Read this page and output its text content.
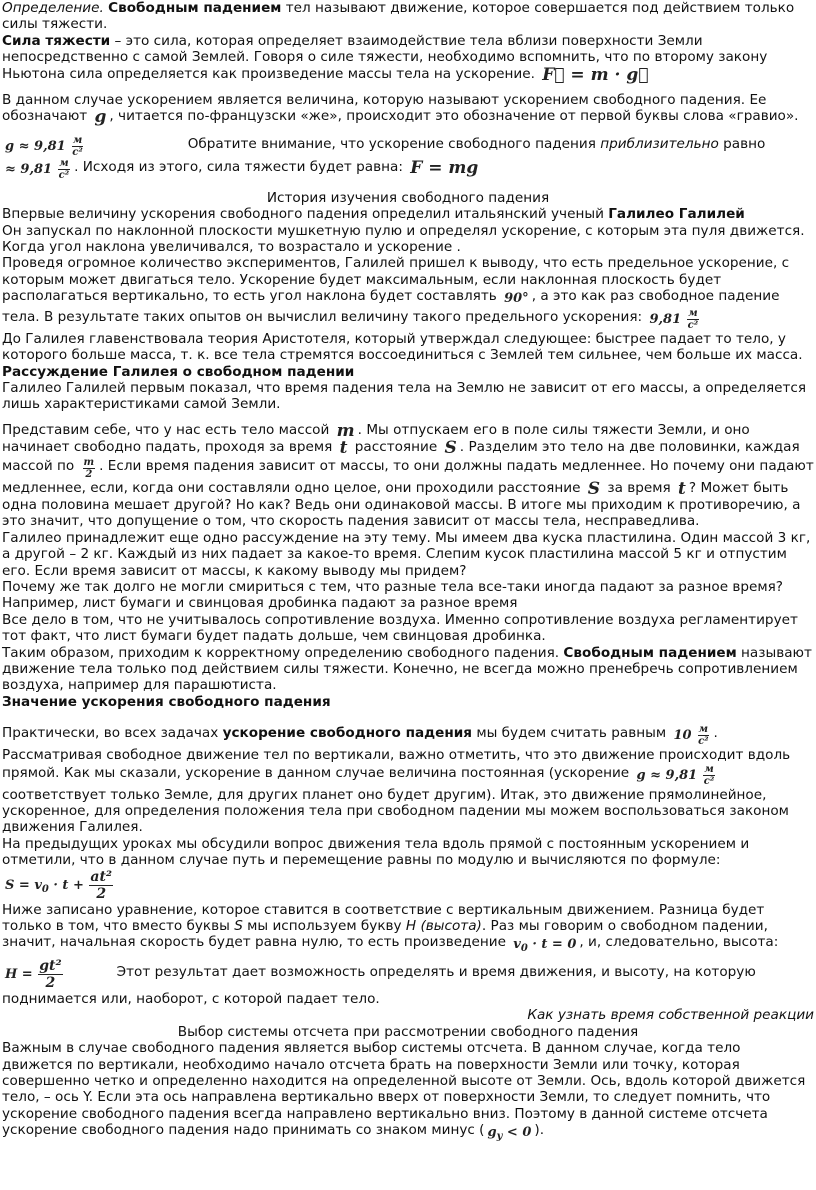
Определение. Свободным падением тел называют движение, которое совершается под действием только силы тяжести.

Сила тяжести – это сила, которая определяет взаимодействие тела вблизи поверхности Земли непосредственно с самой Землей. Говоря о силе тяжести, необходимо вспомнить, что по второму закону Ньютона сила определяется как произведение массы тела на ускорение. F⃗ = m · g⃗

В данном случае ускорением является величина, которую называют ускорением свободного падения. Ее обозначают g , читается по-французски «же», происходит это обозначение от первой буквы слова «гравио».

$g \approx 9,81 \frac{м}{\text{с²}}$	Обратите внимание, что ускорение свободного падения приблизительно равно ≈ $9,81 \frac{м}{\text{с²}}$ . Исходя из этого, сила тяжести будет равна: F = mg

История изучения свободного падения

Впервые величину ускорения свободного падения определил итальянский ученый Галилео Галилей

Он запускал по наклонной плоскости мушкетную пулю и определял ускорение, с которым эта пуля движется. Когда угол наклона увеличивался, то возрастало и ускорение .

Проведя огромное количество экспериментов, Галилей пришел к выводу, что есть предельное ускорение, с которым может двигаться тело. Ускорение будет максимальным, если наклонная плоскость будет располагаться вертикально, то есть угол наклона будет составлять 90° , а это как раз свободное падение тела. В результате таких опытов он вычислил величину такого предельного ускорения: $9,81 \frac{м}{\text{с²}}$

До Галилея главенствовала теория Аристотеля, который утверждал следующее: быстрее падает то тело, у которого больше масса, т. к. все тела стремятся воссоединиться с Землей тем сильнее, чем больше их масса.

Рассуждение Галилея о свободном падении

Галилео Галилей первым показал, что время падения тела на Землю не зависит от его массы, а определяется лишь характеристиками самой Земли.

Представим себе, что у нас есть тело массой m . Мы отпускаем его в поле силы тяжести Земли, и оно начинает свободно падать, проходя за время t расстояние S . Разделим это тело на две половинки, каждая массой по $\frac{m}{2}$ . Если время падения зависит от массы, то они должны падать медленнее. Но почему они падают медленнее, если, когда они составляли одно целое, они проходили расстояние S за время t ? Может быть одна половина мешает другой? Но как? Ведь они одинаковой массы. В итоге мы приходим к противоречию, а это значит, что допущение о том, что скорость падения зависит от массы тела, несправедлива.

Галилео принадлежит еще одно рассуждение на эту тему. Мы имеем два куска пластилина. Один массой 3 кг, а другой – 2 кг. Каждый из них падает за какое-то время. Слепим кусок пластилина массой 5 кг и отпустим его. Если время зависит от массы, к какому выводу мы придем?

Почему же так долго не могли смириться с тем, что разные тела все-таки иногда падают за разное время? Например, лист бумаги и свинцовая дробинка падают за разное время

Все дело в том, что не учитывалось сопротивление воздуха. Именно сопротивление воздуха регламентирует тот факт, что лист бумаги будет падать дольше, чем свинцовая дробинка.

Таким образом, приходим к корректному определению свободного падения. Свободным падением называют движение тела только под действием силы тяжести. Конечно, не всегда можно пренебречь сопротивлением воздуха, например для парашютиста.

Значение ускорения свободного падения

Практически, во всех задачах ускорение свободного падения мы будем считать равным $10 \frac{м}{\text{с²}}$ .

Рассматривая свободное движение тел по вертикали, важно отметить, что это движение происходит вдоль прямой. Как мы сказали, ускорение в данном случае величина постоянная (ускорение $g \approx 9,81 \frac{м}{\text{с²}}$
соответствует только Земле, для других планет оно будет другим). Итак, это движение прямолинейное, ускоренное, для определения положения тела при свободном падении мы можем воспользоваться законом движения Галилея.

На предыдущих уроках мы обсудили вопрос движения тела вдоль прямой с постоянным ускорением и отметили, что в данном случае путь и перемещение равны по модулю и вычисляются по формуле: $S = v_0 \cdot t + \frac{\text{at²}}{2}$

Ниже записано уравнение, которое ставится в соответствие с вертикальным движением. Разница будет только в том, что вместо буквы S мы используем букву Н (высота). Раз мы говорим о свободном падении, значит, начальная скорость будет равна нулю, то есть произведение $v_0 \cdot t = 0$ , и, следовательно, высота:

$H = \frac{\text{gt²}}{2}$	Этот результат дает возможность определять и время движения, и высоту, на которую поднимается или, наоборот, с которой падает тело.

Как узнать время собственной реакции

Выбор системы отсчета при рассмотрении свободного падения

Важным в случае свободного падения является выбор системы отсчета. В данном случае, когда тело движется по вертикали, необходимо начало отсчета брать на поверхности Земли или точку, которая совершенно четко и определенно находится на определенной высоте от Земли. Ось, вдоль которой движется тело, – ось Y. Если эта ось направлена вертикально вверх от поверхности Земли, то следует помнить, что ускорение свободного падения всегда направлено вертикально вниз. Поэтому в данной системе отсчета ускорение свободного падения надо принимать со знаком минус ( $g_y < 0$ ).
